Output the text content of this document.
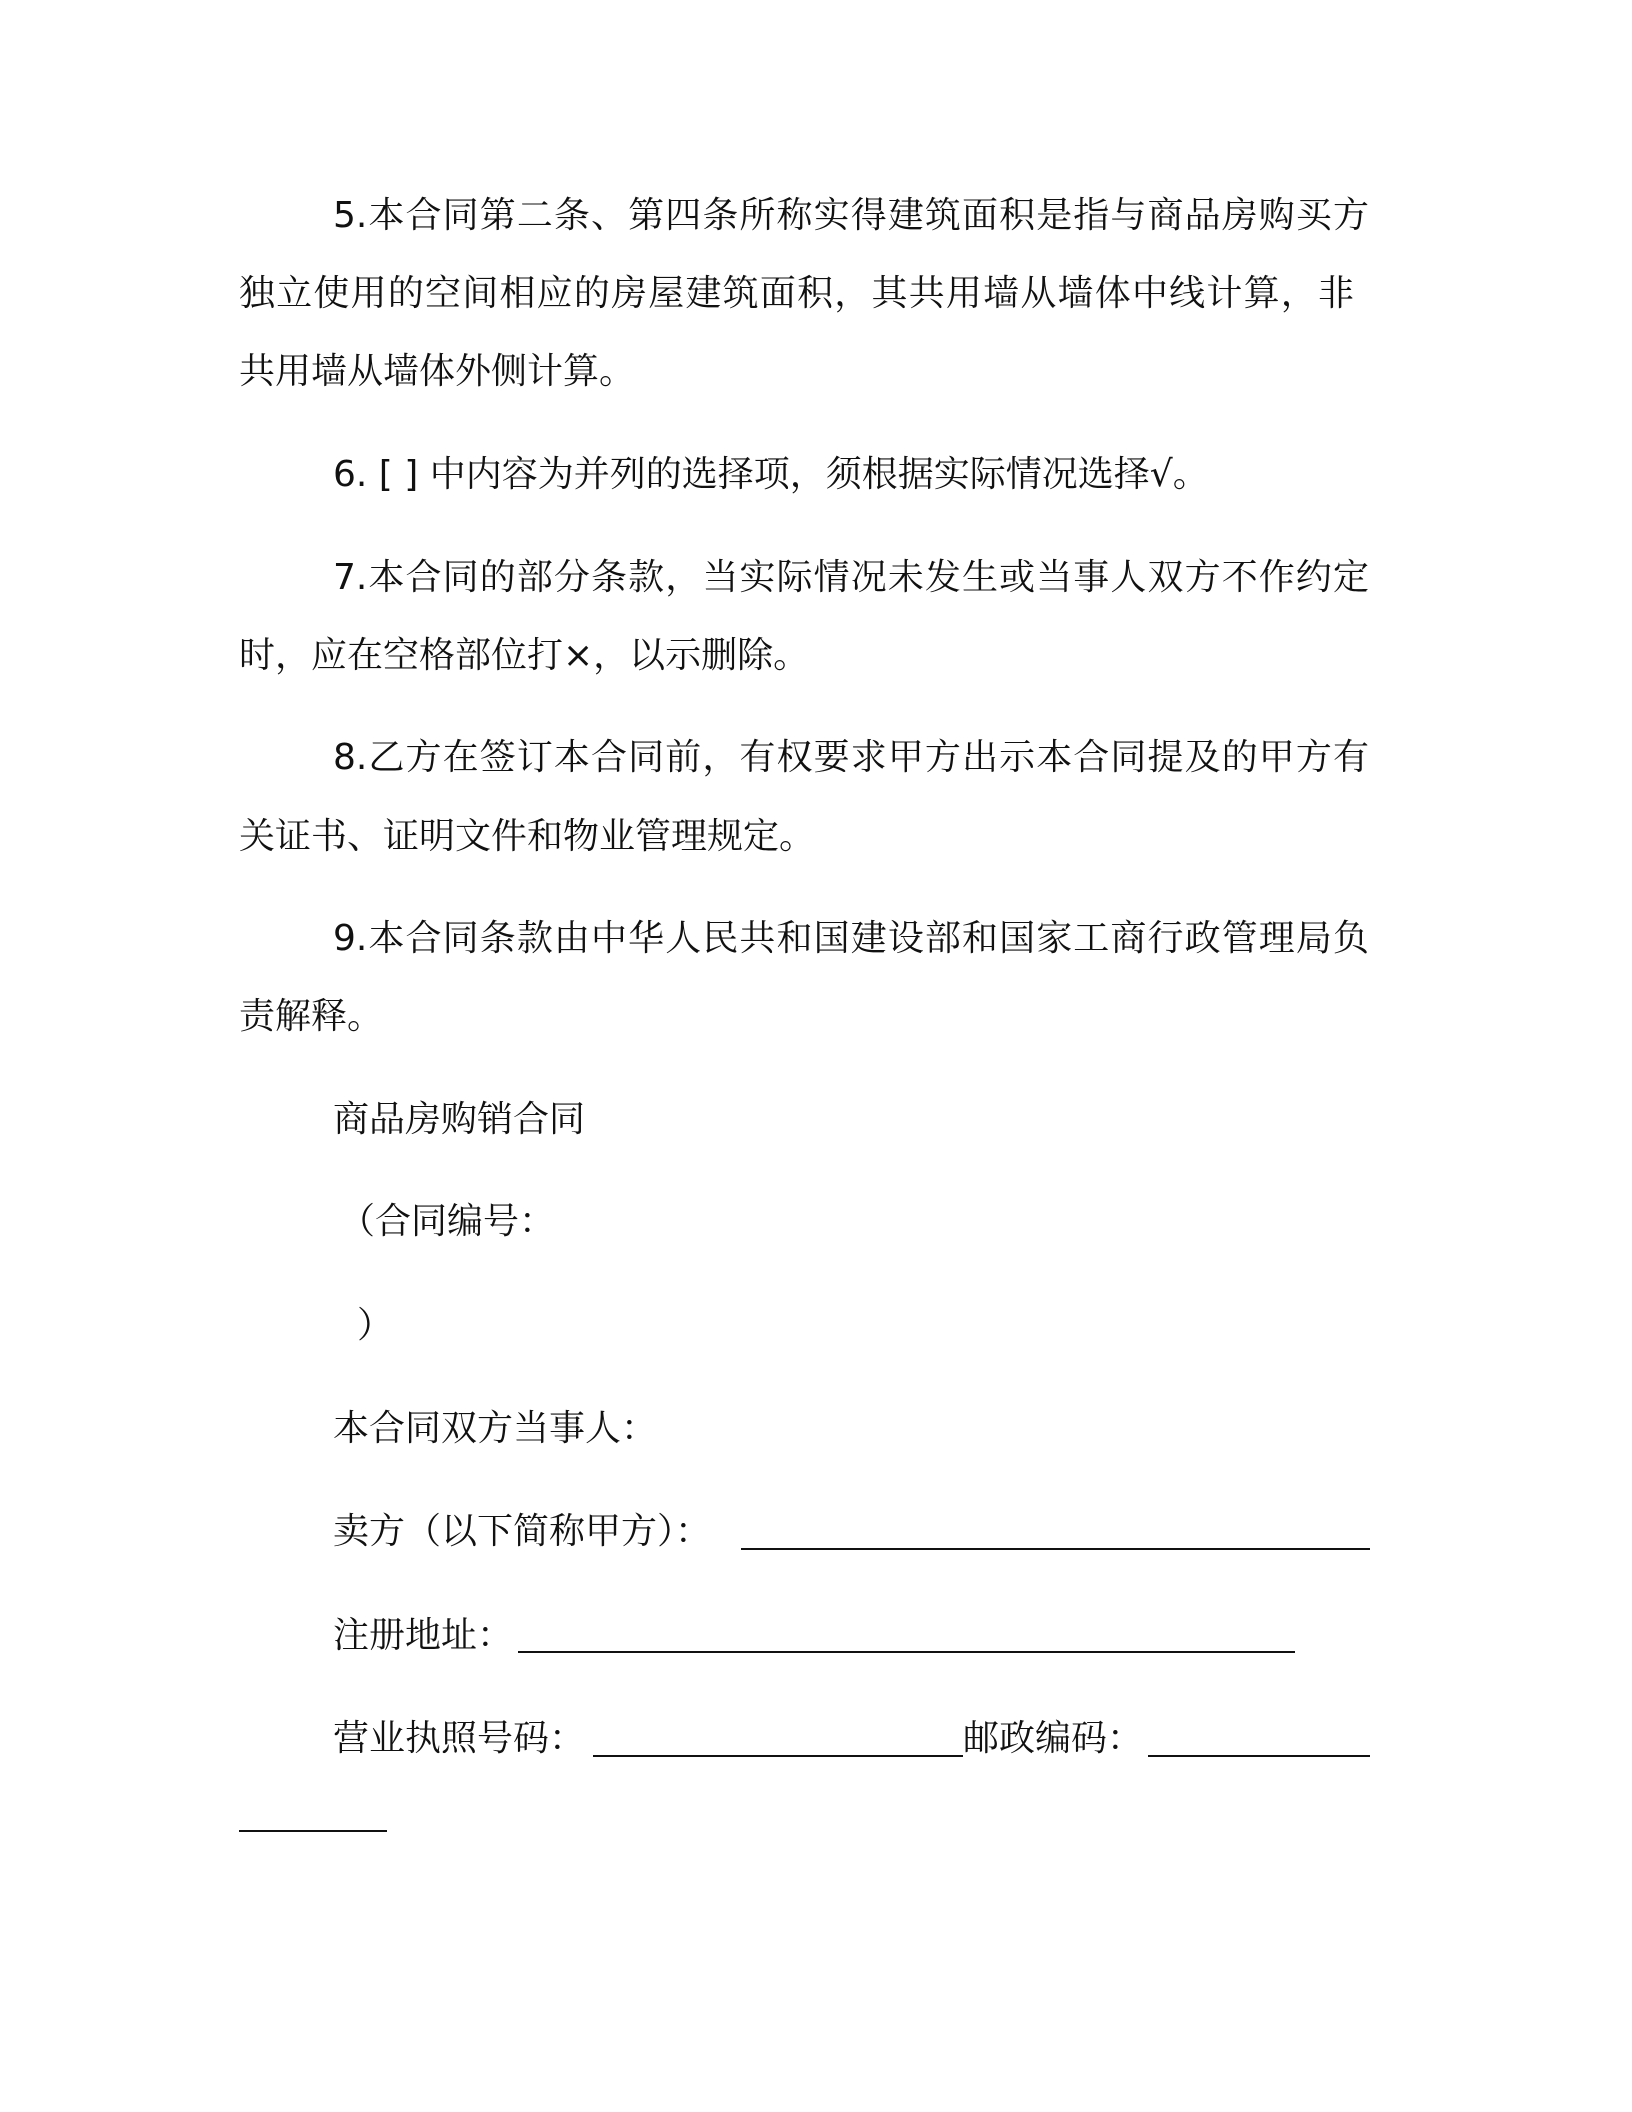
5.本合同第二条、第四条所称实得建筑面积是指与商品房购买方
独立使用的空间相应的房屋建筑面积，其共用墙从墙体中线计算，非
共用墙从墙体外侧计算。
6. [ ] 中内容为并列的选择项，须根据实际情况选择√。
7.本合同的部分条款，当实际情况未发生或当事人双方不作约定
时，应在空格部位打×，以示删除。
8.乙方在签订本合同前，有权要求甲方出示本合同提及的甲方有
关证书、证明文件和物业管理规定。
9.本合同条款由中华人民共和国建设部和国家工商行政管理局负
责解释。
商品房购销合同
（合同编号：
）
本合同双方当事人：
卖方（以下简称甲方）：
注册地址：
营业执照号码：	邮政编码：
